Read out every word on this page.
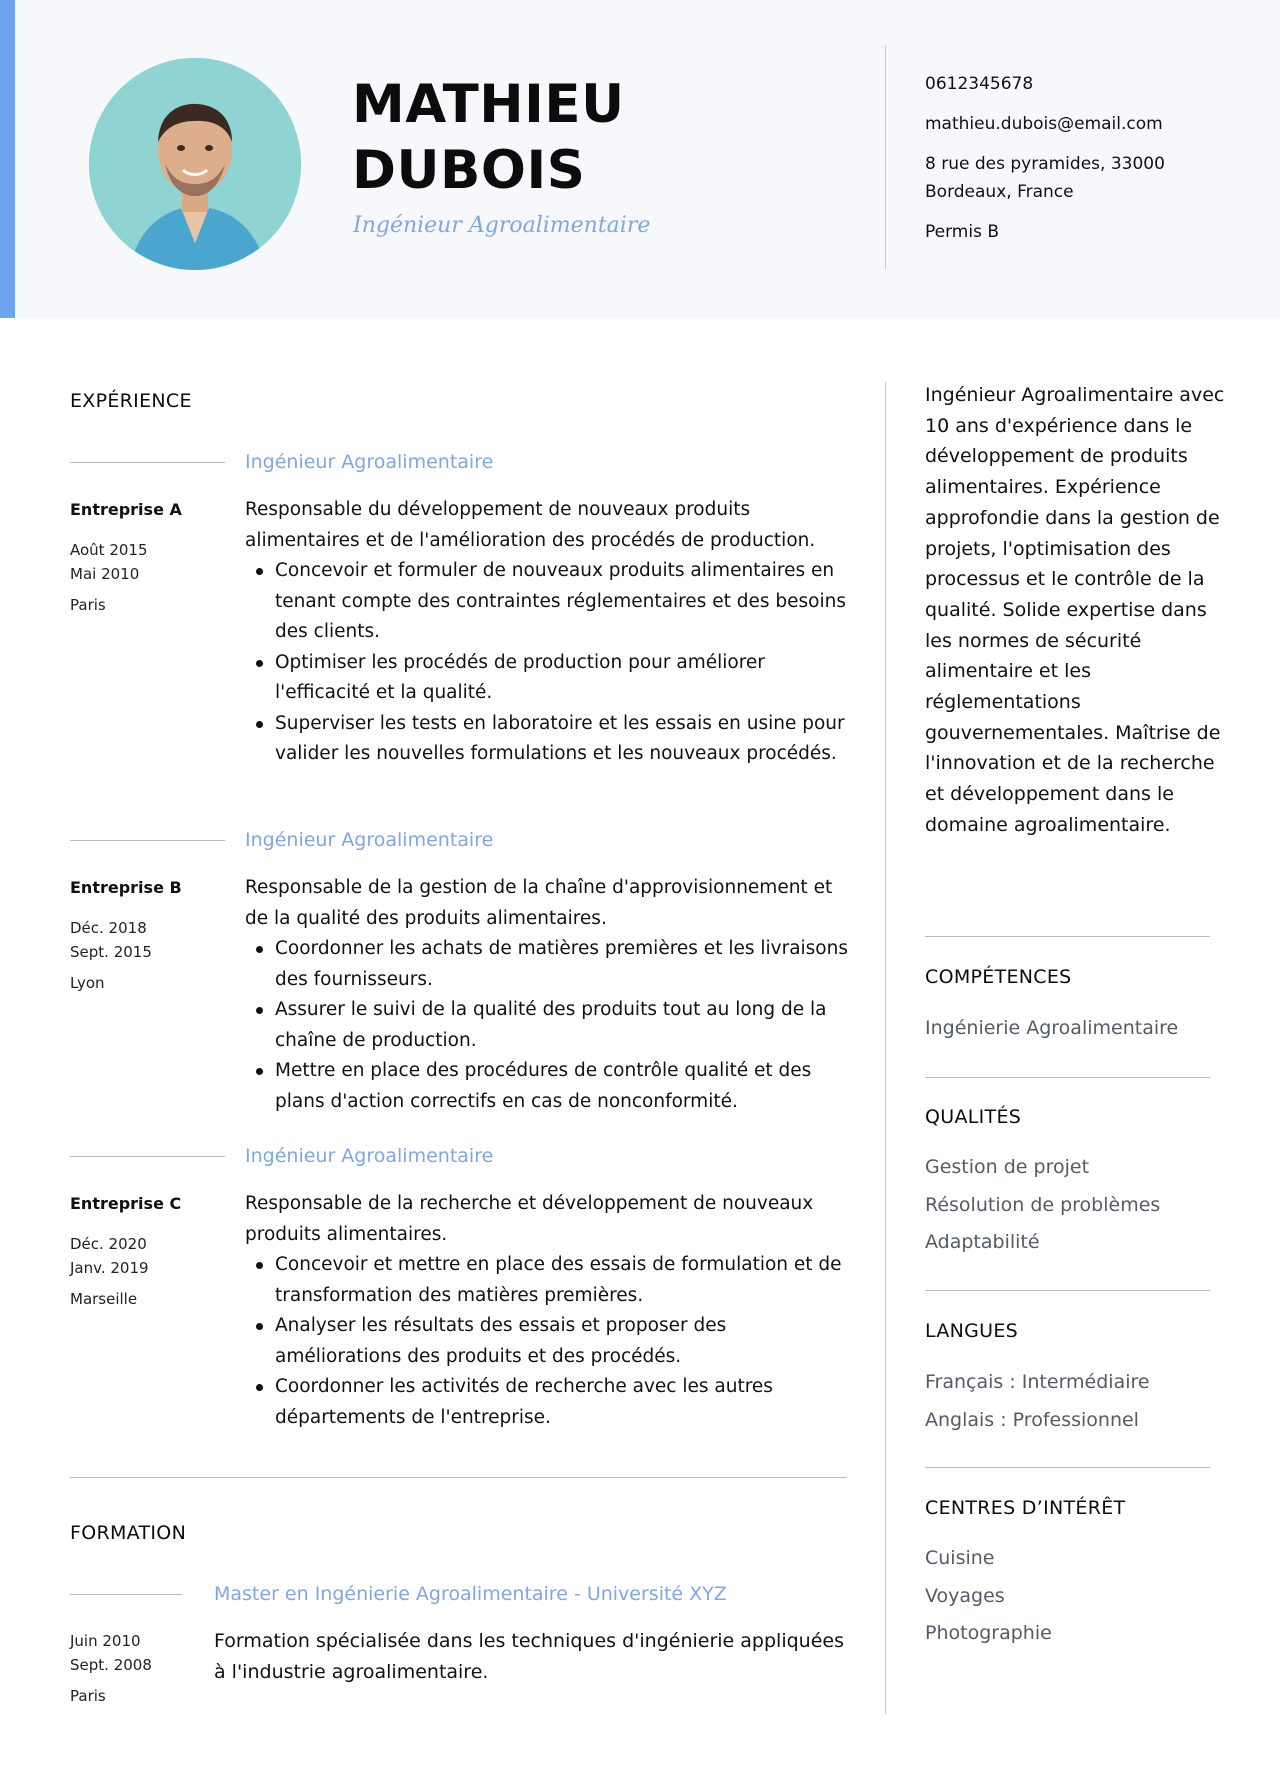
MATHIEU
DUBOIS
Ingénieur Agroalimentaire
0612345678
mathieu.dubois@email.com
8 rue des pyramides, 33000
Bordeaux, France
Permis B
EXPÉRIENCE
Entreprise A
Août 2015
Mai 2010
Paris
Ingénieur Agroalimentaire
Responsable du développement de nouveaux produits alimentaires et de l'amélioration des procédés de production.
Concevoir et formuler de nouveaux produits alimentaires en tenant compte des contraintes réglementaires et des besoins des clients.
Optimiser les procédés de production pour améliorer l'efficacité et la qualité.
Superviser les tests en laboratoire et les essais en usine pour valider les nouvelles formulations et les nouveaux procédés.
Entreprise B
Déc. 2018
Sept. 2015
Lyon
Ingénieur Agroalimentaire
Responsable de la gestion de la chaîne d'approvisionnement et de la qualité des produits alimentaires.
Coordonner les achats de matières premières et les livraisons des fournisseurs.
Assurer le suivi de la qualité des produits tout au long de la chaîne de production.
Mettre en place des procédures de contrôle qualité et des plans d'action correctifs en cas de nonconformité.
Entreprise C
Déc. 2020
Janv. 2019
Marseille
Ingénieur Agroalimentaire
Responsable de la recherche et développement de nouveaux produits alimentaires.
Concevoir et mettre en place des essais de formulation et de transformation des matières premières.
Analyser les résultats des essais et proposer des améliorations des produits et des procédés.
Coordonner les activités de recherche avec les autres départements de l'entreprise.
FORMATION
Juin 2010
Sept. 2008
Paris
Master en Ingénierie Agroalimentaire - Université XYZ
Formation spécialisée dans les techniques d'ingénierie appliquées à l'industrie agroalimentaire.
Ingénieur Agroalimentaire avec 10 ans d'expérience dans le développement de produits alimentaires. Expérience approfondie dans la gestion de projets, l'optimisation des processus et le contrôle de la qualité. Solide expertise dans les normes de sécurité alimentaire et les réglementations gouvernementales. Maîtrise de l'innovation et de la recherche et développement dans le domaine agroalimentaire.
COMPÉTENCES
Ingénierie Agroalimentaire
QUALITÉS
Gestion de projet
Résolution de problèmes
Adaptabilité
LANGUES
Français : Intermédiaire
Anglais : Professionnel
CENTRES D’INTÉRÊT
Cuisine
Voyages
Photographie
